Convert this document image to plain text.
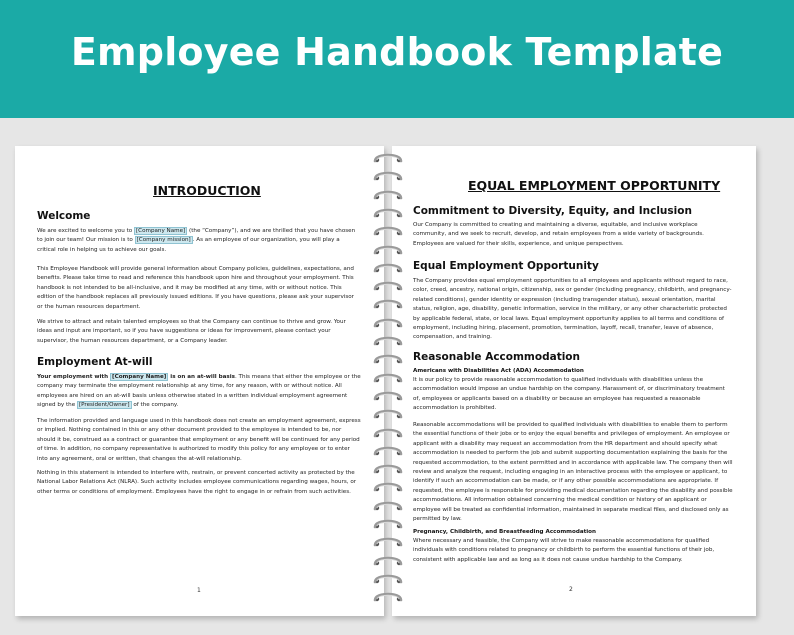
Employee Handbook Template
INTRODUCTION
Welcome

We are excited to welcome you to [Company Name] (the “Company”), and we are thrilled that you have chosen to join our team! Our mission is to [Company mission] . As an employee of our organization, you will play a critical role in helping us to achieve our goals.

This Employee Handbook will provide general information about Company policies, guidelines, expectations, and benefits. Please take time to read and reference this handbook upon hire and throughout your employment. This handbook is not intended to be all-inclusive, and it may be modified at any time, with or without notice. This edition of the handbook replaces all previously issued editions. If you have questions, please ask your supervisor or the human resources department.

We strive to attract and retain talented employees so that the Company can continue to thrive and grow. Your ideas and input are important, so if you have suggestions or ideas for improvement, please contact your supervisor, the human resources department, or a Company leader.

Employment At-will

Your employment with [Company Name] is on an at-will basis. This means that either the employee or the company may terminate the employment relationship at any time, for any reason, with or without notice. All employees are hired on an at-will basis unless otherwise stated in a written individual employment agreement signed by the [President/Owner] of the company.

The information provided and language used in this handbook does not create an employment agreement, express or implied. Nothing contained in this or any other document provided to the employee is intended to be, nor should it be, construed as a contract or guarantee that employment or any benefit will be continued for any period of time. In addition, no company representative is authorized to modify this policy for any employee or to enter into any agreement, oral or written, that changes the at-will relationship.

Nothing in this statement is intended to interfere with, restrain, or prevent concerted activity as protected by the National Labor Relations Act (NLRA). Such activity includes employee communications regarding wages, hours, or other terms or conditions of employment. Employees have the right to engage in or refrain from such activities.

1
EQUAL EMPLOYMENT OPPORTUNITY
Commitment to Diversity, Equity, and Inclusion

Our Company is committed to creating and maintaining a diverse, equitable, and inclusive workplace community, and we seek to recruit, develop, and retain employees from a wide variety of backgrounds. Employees are valued for their skills, experience, and unique perspectives.

Equal Employment Opportunity

The Company provides equal employment opportunities to all employees and applicants without regard to race, color, creed, ancestry, national origin, citizenship, sex or gender (including pregnancy, childbirth, and pregnancy-related conditions), gender identity or expression (including transgender status), sexual orientation, marital status, religion, age, disability, genetic information, service in the military, or any other characteristic protected by applicable federal, state, or local laws. Equal employment opportunity applies to all terms and conditions of employment, including hiring, placement, promotion, termination, layoff, recall, transfer, leave of absence, compensation, and training.

Reasonable Accommodation
Americans with Disabilities Act (ADA) Accommodation

It is our policy to provide reasonable accommodation to qualified individuals with disabilities unless the accommodation would impose an undue hardship on the company. Harassment of, or discriminatory treatment of, employees or applicants based on a disability or because an employee has requested a reasonable accommodation is prohibited.

Reasonable accommodations will be provided to qualified individuals with disabilities to enable them to perform the essential functions of their jobs or to enjoy the equal benefits and privileges of employment. An employee or applicant with a disability may request an accommodation from the HR department and should specify what accommodation is needed to perform the job and submit supporting documentation explaining the basis for the requested accommodation, to the extent permitted and in accordance with applicable law. The company then will review and analyze the request, including engaging in an interactive process with the employee or applicant, to identify if such an accommodation can be made, or if any other possible accommodations are appropriate. If requested, the employee is responsible for providing medical documentation regarding the disability and possible accommodations. All information obtained concerning the medical condition or history of an applicant or employee will be treated as confidential information, maintained in separate medical files, and disclosed only as permitted by law.

Pregnancy, Childbirth, and Breastfeeding Accommodation

Where necessary and feasible, the Company will strive to make reasonable accommodations for qualified individuals with conditions related to pregnancy or childbirth to perform the essential functions of their job, consistent with applicable law and as long as it does not cause undue hardship to the Company.

2
